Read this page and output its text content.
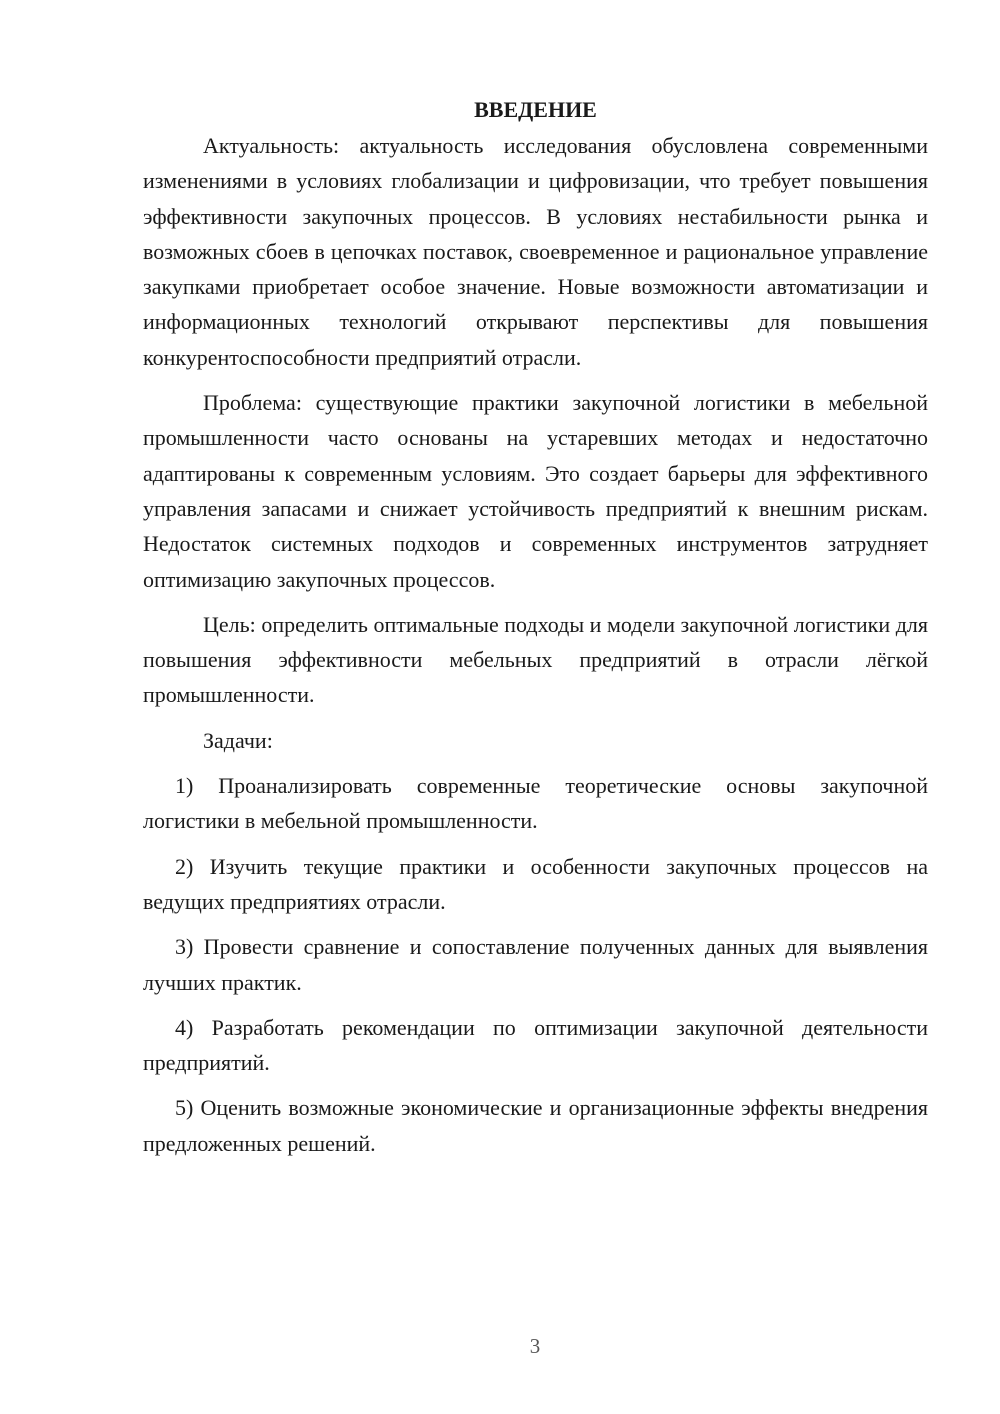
ВВЕДЕНИЕ

Актуальность: актуальность исследования обусловлена современными изменениями в условиях глобализации и цифровизации, что требует повышения эффективности закупочных процессов. В условиях нестабильности рынка и возможных сбоев в цепочках поставок, своевременное и рациональное управление закупками приобретает особое значение. Новые возможности автоматизации и информационных технологий открывают перспективы для повышения конкурентоспособности предприятий отрасли.

Проблема: существующие практики закупочной логистики в мебельной промышленности часто основаны на устаревших методах и недостаточно адаптированы к современным условиям. Это создает барьеры для эффективного управления запасами и снижает устойчивость предприятий к внешним рискам. Недостаток системных подходов и современных инструментов затрудняет оптимизацию закупочных процессов.

Цель: определить оптимальные подходы и модели закупочной логистики для повышения эффективности мебельных предприятий в отрасли лёгкой промышленности.

Задачи:

1) Проанализировать современные теоретические основы закупочной логистики в мебельной промышленности.

2) Изучить текущие практики и особенности закупочных процессов на ведущих предприятиях отрасли.

3) Провести сравнение и сопоставление полученных данных для выявления лучших практик.

4) Разработать рекомендации по оптимизации закупочной деятельности предприятий.

5) Оценить возможные экономические и организационные эффекты внедрения предложенных решений.

3
